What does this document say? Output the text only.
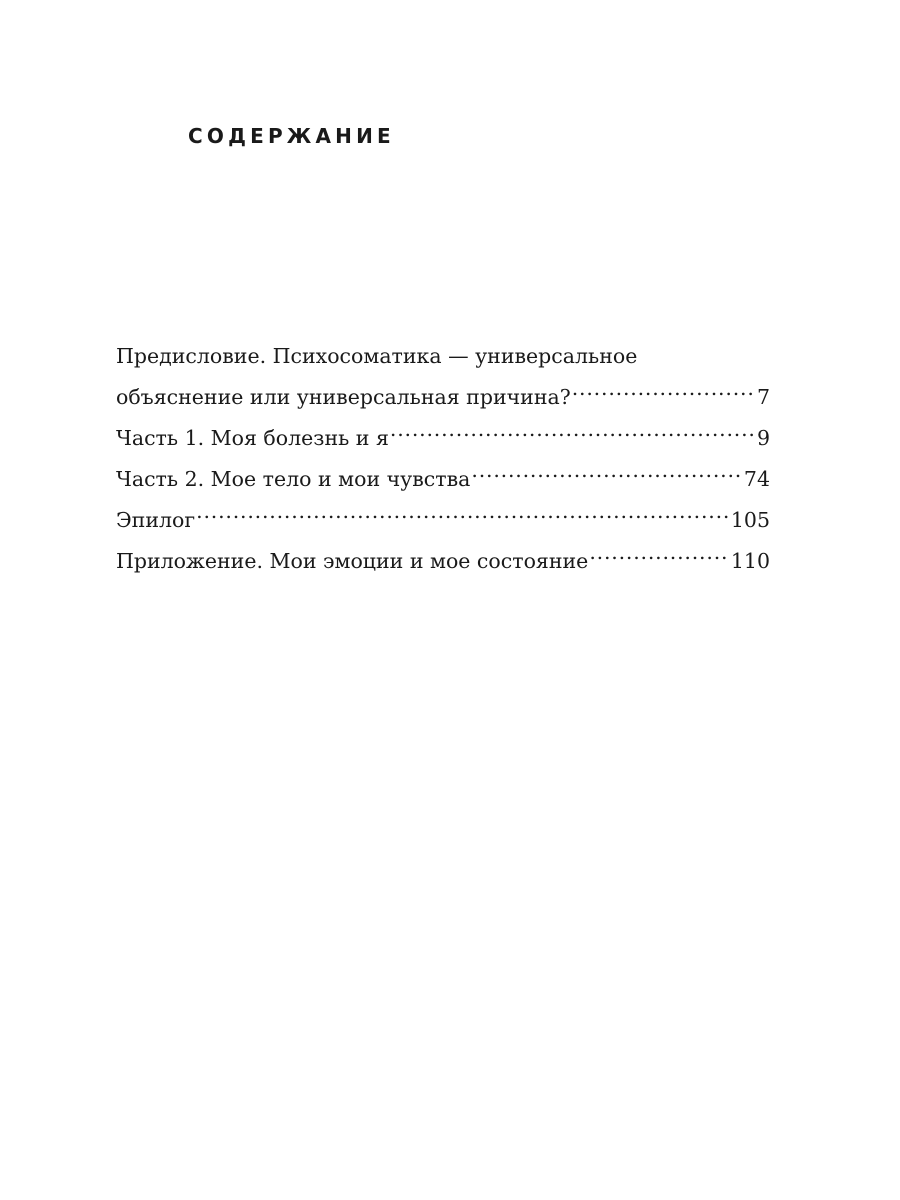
СОДЕРЖАНИЕ
Предисловие. Психосоматика — универсальное
объяснение или универсальная причина? .....	7
Часть 1. Моя болезнь и я .....	9
Часть 2. Мое тело и мои чувства .....	74
Эпилог .....	105
Приложение. Мои эмоции и мое состояние .....	110
